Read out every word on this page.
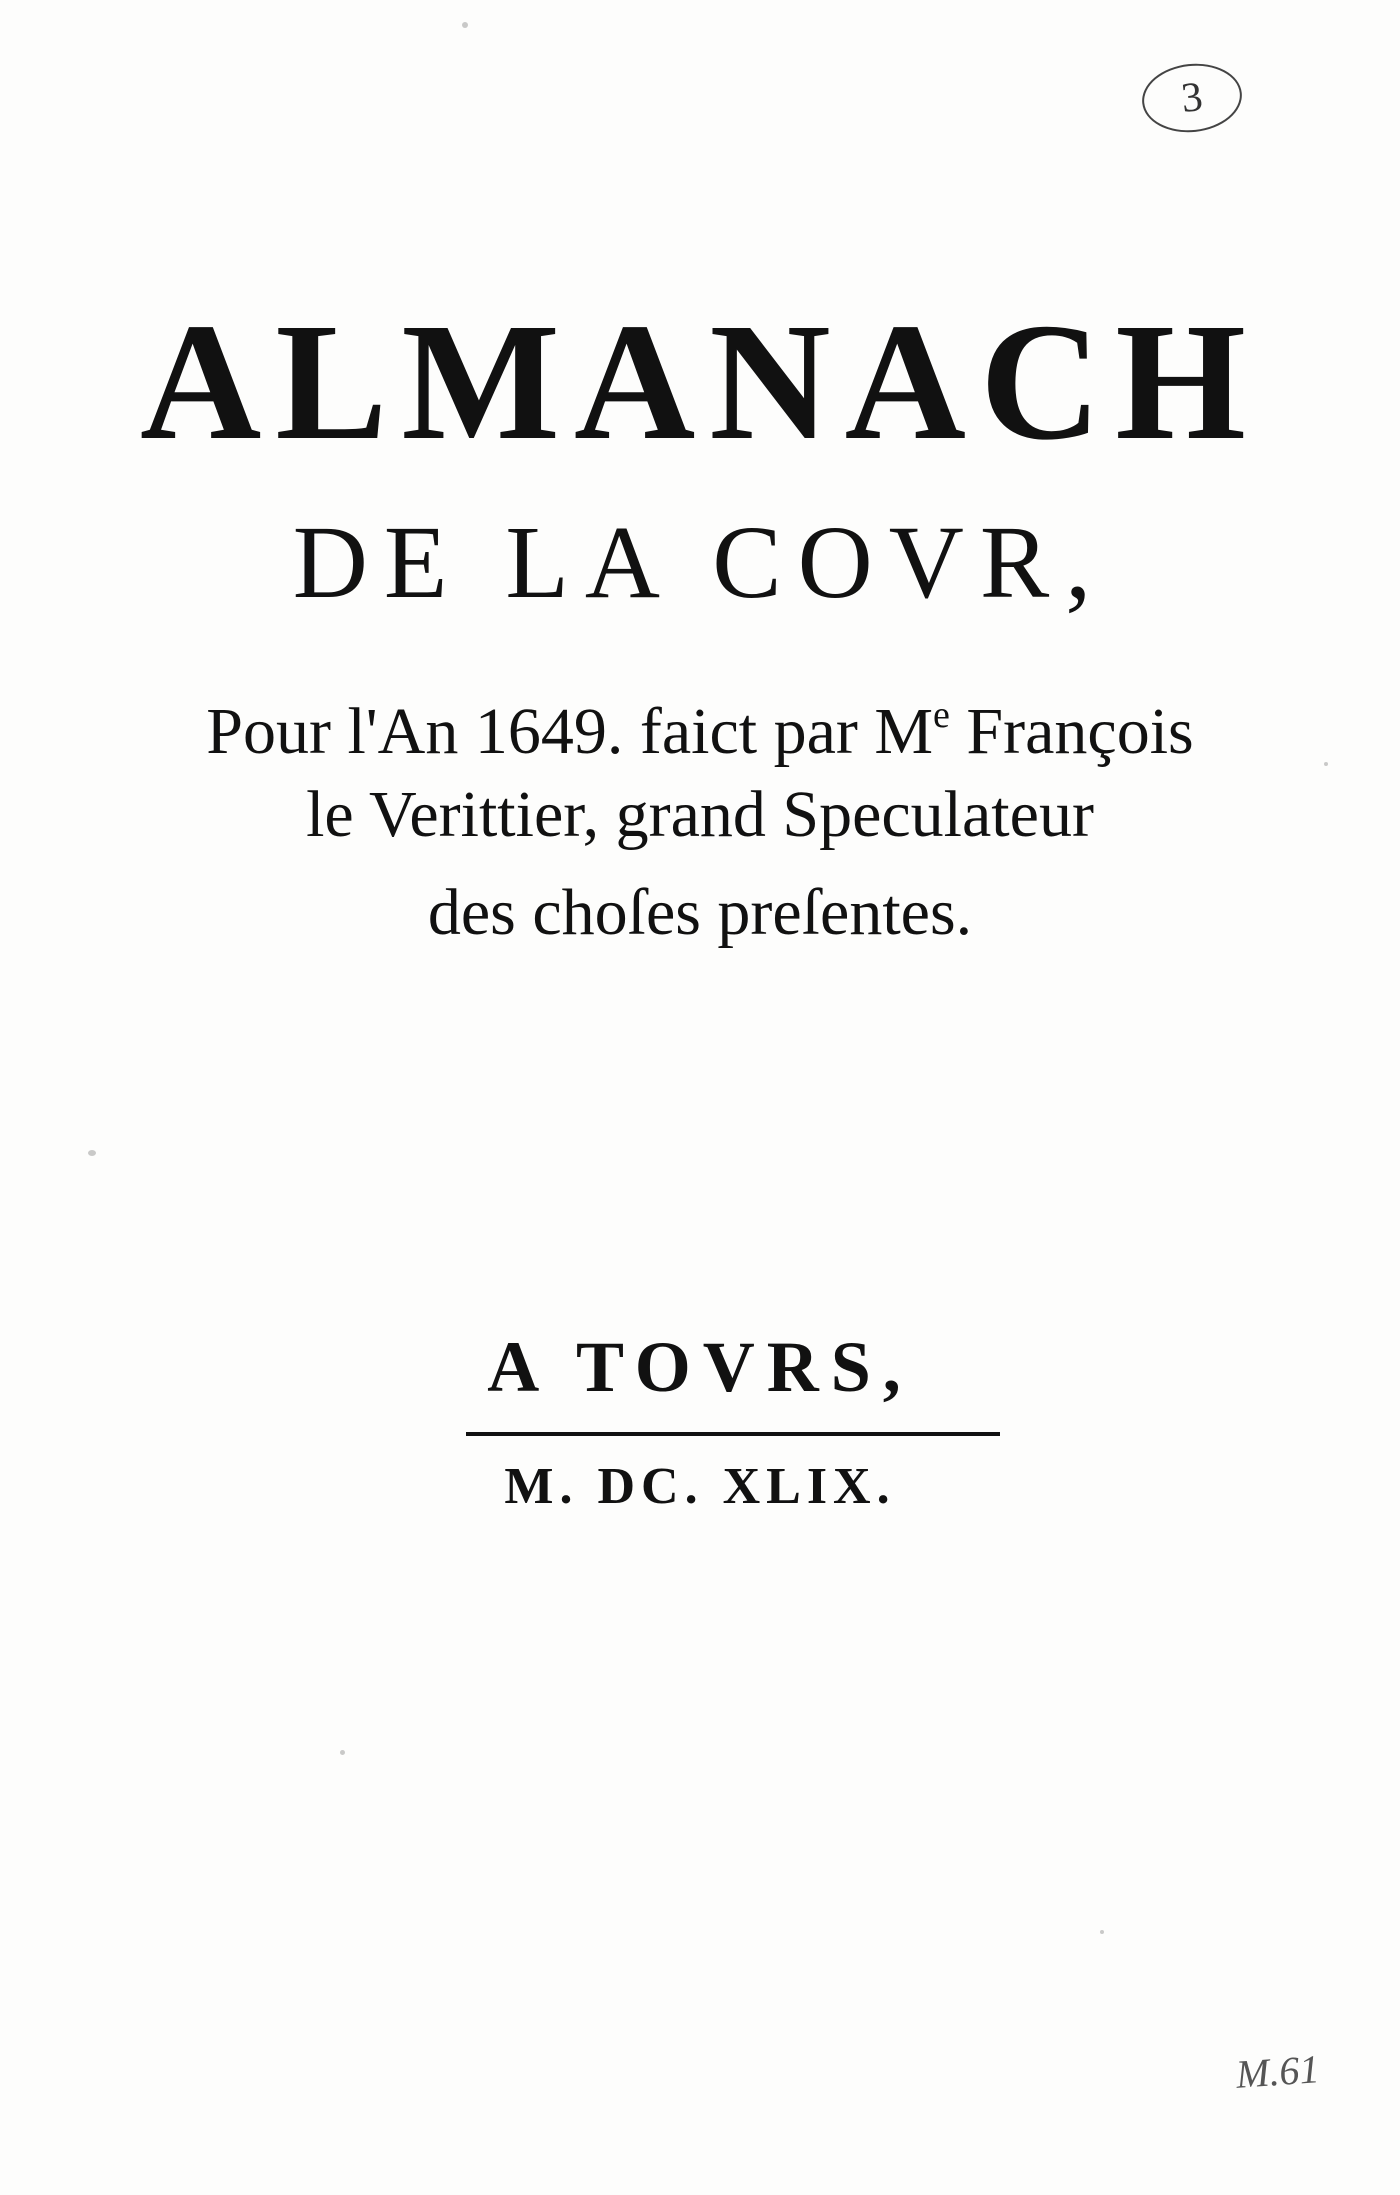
3
ALMANACH
DE LA COVR,
Pour l'An 1649. faict par Me François
le Verittier, grand Speculateur
des choſes preſentes.
A TOVRS,
M. DC. XLIX.
M.61
